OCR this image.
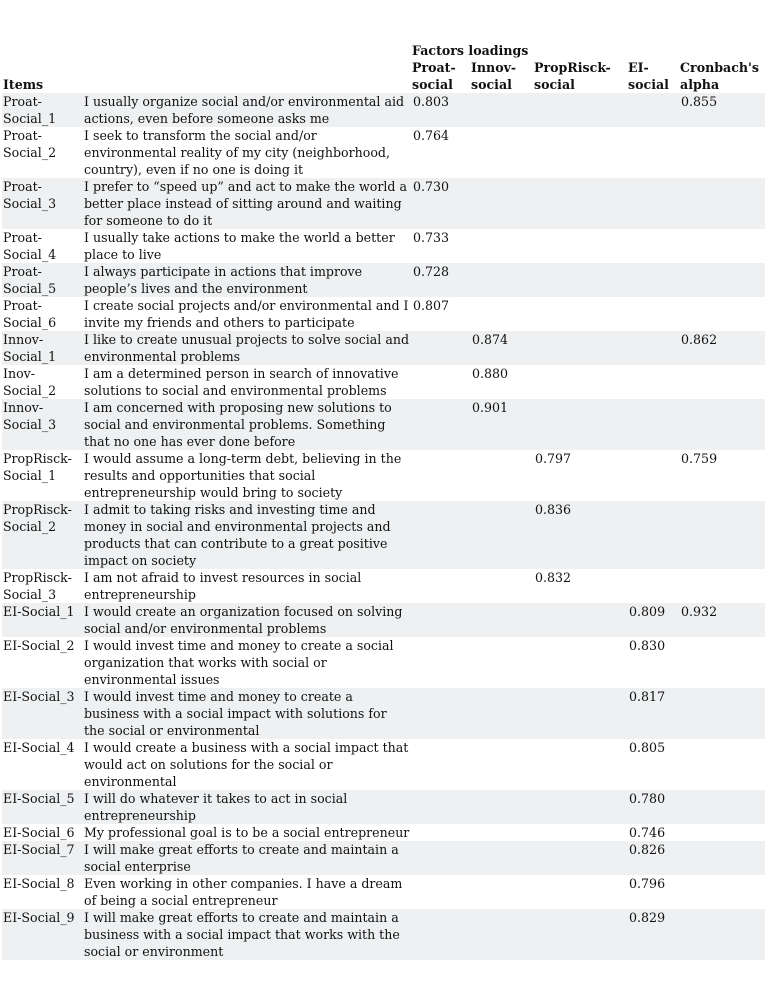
		Factors loadings				
Items		Proat-social	Innov-social	PropRisck-social	EI-social	Cronbach's alpha
Proat-Social_1	I usually organize social and/or environmental aid actions, even before someone asks me	0.803				0.855
Proat-Social_2	I seek to transform the social and/or environmental reality of my city (neighborhood, country), even if no one is doing it	0.764				
Proat-Social_3	I prefer to “speed up” and act to make the world a better place instead of sitting around and waiting for someone to do it	0.730				
Proat-Social_4	I usually take actions to make the world a better place to live	0.733				
Proat-Social_5	I always participate in actions that improve people’s lives and the environment	0.728				
Proat-Social_6	I create social projects and/or environmental and I invite my friends and others to participate	0.807				
Innov-Social_1	I like to create unusual projects to solve social and environmental problems		0.874			0.862
Inov-Social_2	I am a determined person in search of innovative solutions to social and environmental problems		0.880			
Innov-Social_3	I am concerned with proposing new solutions to social and environmental problems. Something that no one has ever done before		0.901			
PropRisck-Social_1	I would assume a long-term debt, believing in the results and opportunities that social entrepreneurship would bring to society			0.797		0.759
PropRisck-Social_2	I admit to taking risks and investing time and money in social and environmental projects and products that can contribute to a great positive impact on society			0.836		
PropRisck-Social_3	I am not afraid to invest resources in social entrepreneurship			0.832		
EI-Social_1	I would create an organization focused on solving social and/or environmental problems				0.809	0.932
EI-Social_2	I would invest time and money to create a social organization that works with social or environmental issues				0.830	
EI-Social_3	I would invest time and money to create a business with a social impact with solutions for the social or environmental				0.817	
EI-Social_4	I would create a business with a social impact that would act on solutions for the social or environmental				0.805	
EI-Social_5	I will do whatever it takes to act in social entrepreneurship				0.780	
EI-Social_6	My professional goal is to be a social entrepreneur				0.746	
EI-Social_7	I will make great efforts to create and maintain a social enterprise				0.826	
EI-Social_8	Even working in other companies. I have a dream of being a social entrepreneur				0.796	
EI-Social_9	I will make great efforts to create and maintain a business with a social impact that works with the social or environment				0.829	
